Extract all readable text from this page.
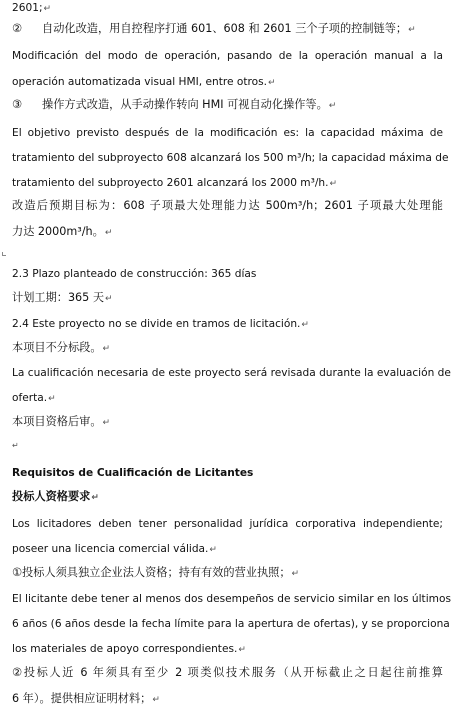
2601;↵
② 自动化改造，用自控程序打通 601、608 和 2601 三个子项的控制链等；↵
Modificación del modo de operación, pasando de la operación manual a la
operación automatizada visual HMI, entre otros.↵
③ 操作方式改造，从手动操作转向 HMI 可视自动化操作等。↵
El objetivo previsto después de la modificación es: la capacidad máxima de
tratamiento del subproyecto 608 alcanzará los 500 m³/h; la capacidad máxima de
tratamiento del subproyecto 2601 alcanzará los 2000 m³/h.↵
改造后预期目标为：608 子项最大处理能力达 500m³/h；2601 子项最大处理能
力达 2000m³/h。↵
2.3 Plazo planteado de construcción: 365 días
计划工期：365 天↵
2.4 Este proyecto no se divide en tramos de licitación.↵
本项目不分标段。↵
La cualificación necesaria de este proyecto será revisada durante la evaluación de
oferta.↵
本项目资格后审。↵
↵
Requisitos de Cualificación de Licitantes
投标人资格要求↵
Los licitadores deben tener personalidad jurídica corporativa independiente;
poseer una licencia comercial válida.↵
①投标人须具独立企业法人资格；持有有效的营业执照；↵
El licitante debe tener al menos dos desempeños de servicio similar en los últimos
6 años (6 años desde la fecha límite para la apertura de ofertas), y se proporciona
los materiales de apoyo correspondientes.↵
②投标人近 6 年须具有至少 2 项类似技术服务（从开标截止之日起往前推算
6 年）。提供相应证明材料；↵
